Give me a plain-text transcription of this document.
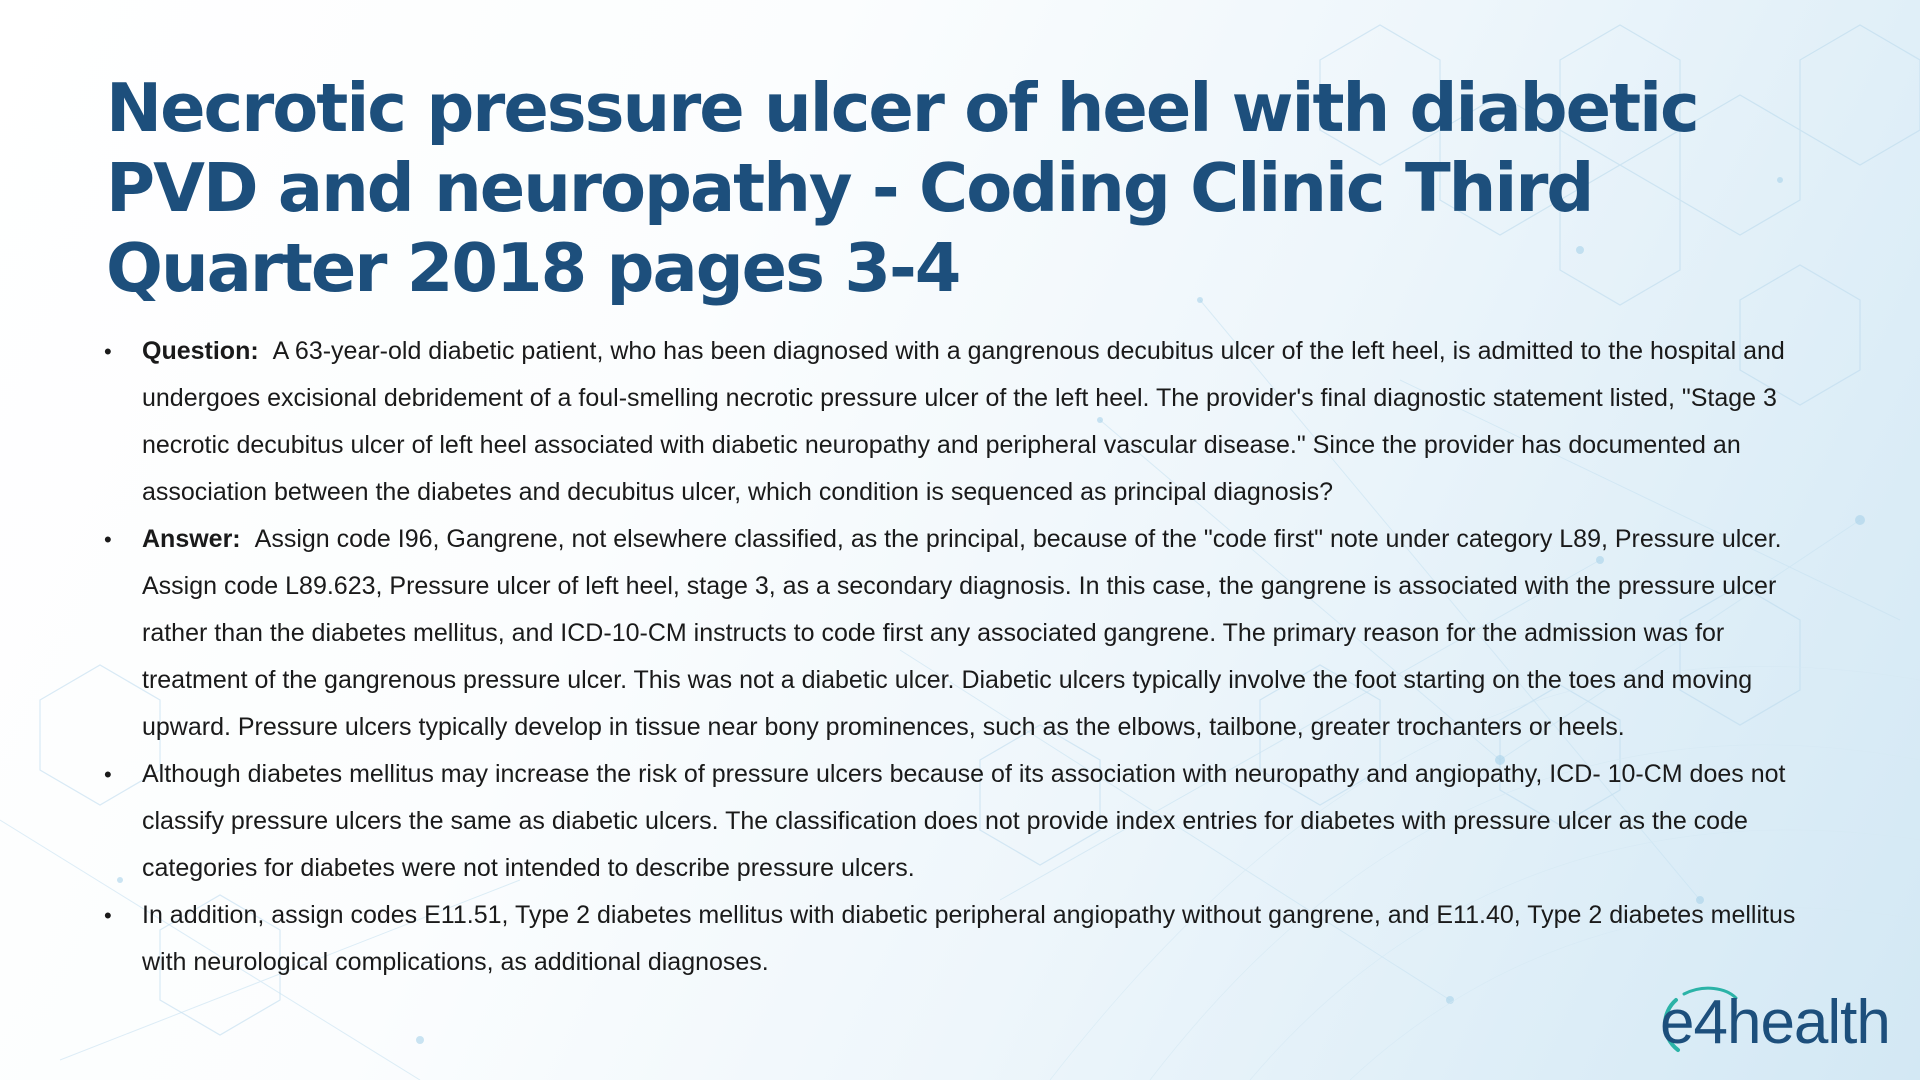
Necrotic pressure ulcer of heel with diabetic PVD and neuropathy - Coding Clinic Third Quarter 2018 pages 3-4
• Question: A 63-year-old diabetic patient, who has been diagnosed with a gangrenous decubitus ulcer of the left heel, is admitted to the hospital and undergoes excisional debridement of a foul-smelling necrotic pressure ulcer of the left heel. The provider's final diagnostic statement listed, "Stage 3 necrotic decubitus ulcer of left heel associated with diabetic neuropathy and peripheral vascular disease." Since the provider has documented an association between the diabetes and decubitus ulcer, which condition is sequenced as principal diagnosis?
• Answer: Assign code I96, Gangrene, not elsewhere classified, as the principal, because of the "code first" note under category L89, Pressure ulcer. Assign code L89.623, Pressure ulcer of left heel, stage 3, as a secondary diagnosis. In this case, the gangrene is associated with the pressure ulcer rather than the diabetes mellitus, and ICD-10-CM instructs to code first any associated gangrene. The primary reason for the admission was for treatment of the gangrenous pressure ulcer. This was not a diabetic ulcer. Diabetic ulcers typically involve the foot starting on the toes and moving upward. Pressure ulcers typically develop in tissue near bony prominences, such as the elbows, tailbone, greater trochanters or heels.
• Although diabetes mellitus may increase the risk of pressure ulcers because of its association with neuropathy and angiopathy, ICD- 10-CM does not classify pressure ulcers the same as diabetic ulcers. The classification does not provide index entries for diabetes with pressure ulcer as the code categories for diabetes were not intended to describe pressure ulcers.
• In addition, assign codes E11.51, Type 2 diabetes mellitus with diabetic peripheral angiopathy without gangrene, and E11.40, Type 2 diabetes mellitus with neurological complications, as additional diagnoses.
e4health
